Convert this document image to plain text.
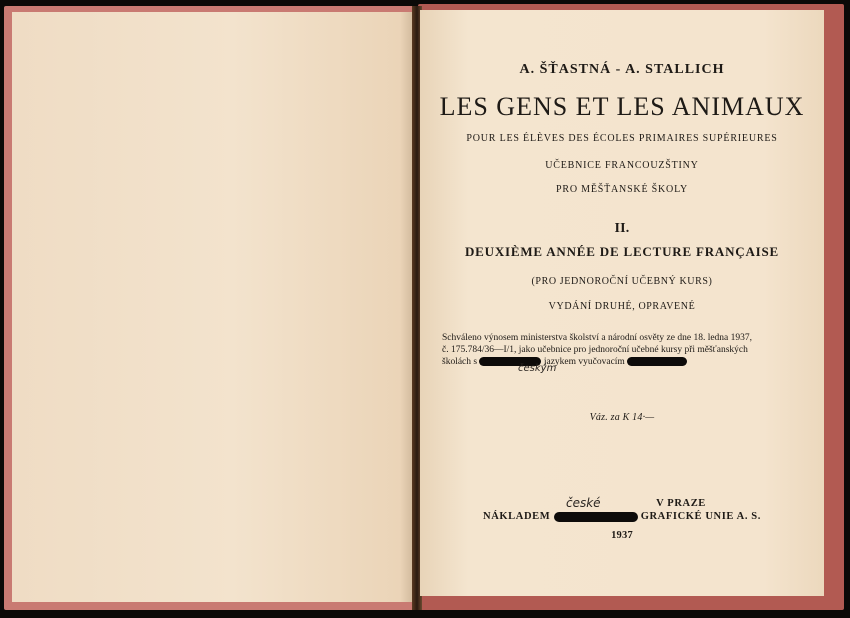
A. ŠŤASTNÁ - A. STALLICH
LES GENS ET LES ANIMAUX
POUR LES ÉLÈVES DES ÉCOLES PRIMAIRES SUPÉRIEURES
UČEBNICE FRANCOUZŠTINY
PRO MĚŠŤANSKÉ ŠKOLY
II.
DEUXIÈME ANNÉE DE LECTURE FRANÇAISE
(PRO JEDNOROČNÍ UČEBNÝ KURS)
VYDÁNÍ DRUHÉ, OPRAVENÉ
Schváleno výnosem ministerstva školství a národní osvěty ze dne 18. ledna 1937,
č. 175.784/36—I/1, jako učebnice pro jednoroční učebné kursy při měšťanských
školách s	jazykem vyučovacím
českým
Váz. za K 14·—
české	V PRAZE
NÁKLADEM	GRAFICKÉ UNIE A. S.
1937
